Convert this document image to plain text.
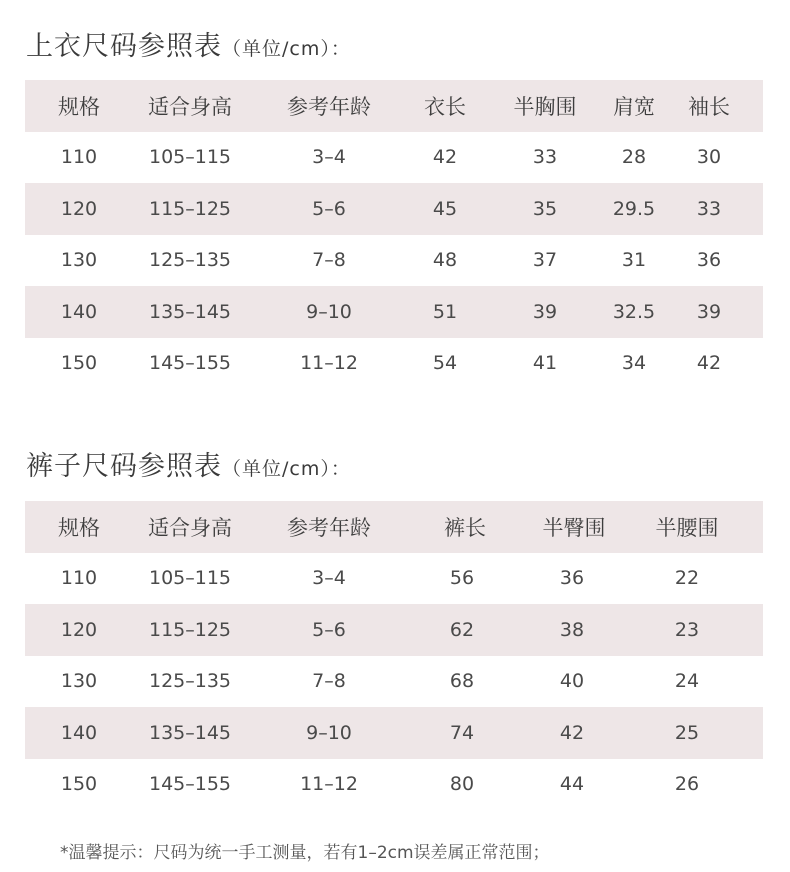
上衣尺码参照表（单位/cm）：
规格 适合身高	参考年龄	衣长 半胸围 肩宽 袖长
110	105–115	3–4	42	33	28	30
120	115–125	5–6	45	35	29.5 33
130	125–135	7–8	48	37	31	36
140	135–145	9–10	51	39	32.5 39
150	145–155	11–12	54	41	34	42
裤子尺码参照表（单位/cm）：
规格 适合身高	参考年龄	裤长	半臀围 半腰围
110	105–115	3–4	56	36	22
120	115–125	5–6	62	38	23
130	125–135	7–8	68	40	24
140	135–145	9–10	74	42	25
150	145–155	11–12	80	44	26
*温馨提示：尺码为统一手工测量，若有1–2cm误差属正常范围；
